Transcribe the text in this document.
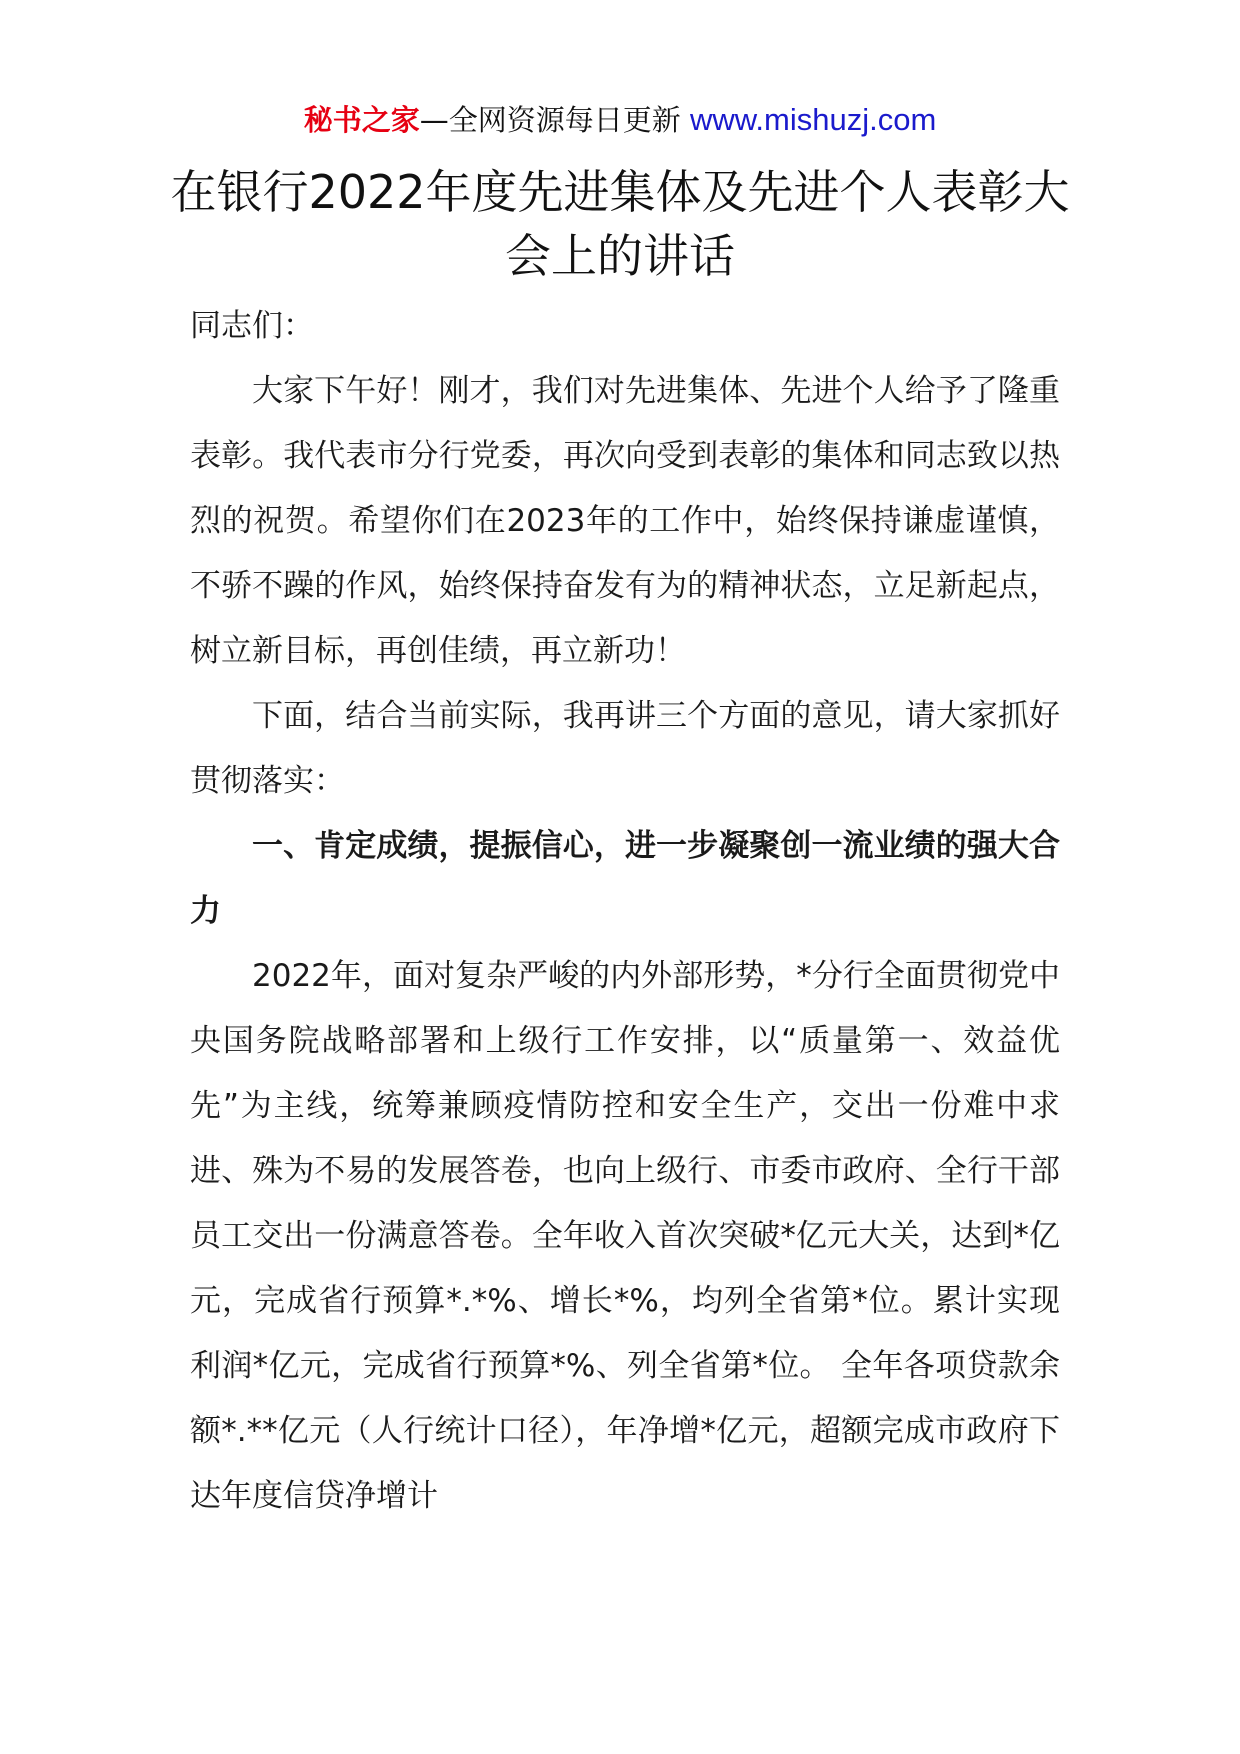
秘书之家—全网资源每日更新 www.mishuzj.com
在银行2022年度先进集体及先进个人表彰大会上的讲话

同志们：

大家下午好！刚才，我们对先进集体、先进个人给予了隆重表彰。我代表市分行党委，再次向受到表彰的集体和同志致以热烈的祝贺。希望你们在2023年的工作中，始终保持谦虚谨慎，不骄不躁的作风，始终保持奋发有为的精神状态，立足新起点，树立新目标，再创佳绩，再立新功！

下面，结合当前实际，我再讲三个方面的意见，请大家抓好贯彻落实：

一、肯定成绩，提振信心，进一步凝聚创一流业绩的强大合力

2022年，面对复杂严峻的内外部形势，*分行全面贯彻党中央国务院战略部署和上级行工作安排，以“质量第一、效益优先”为主线，统筹兼顾疫情防控和安全生产，交出一份难中求进、殊为不易的发展答卷，也向上级行、市委市政府、全行干部员工交出一份满意答卷。全年收入首次突破*亿元大关，达到*亿元，完成省行预算*.*%、增长*%，均列全省第*位。累计实现利润*亿元，完成省行预算*%、列全省第*位。 全年各项贷款余额*.**亿元（人行统计口径），年净增*亿元，超额完成市政府下达年度信贷净增计
